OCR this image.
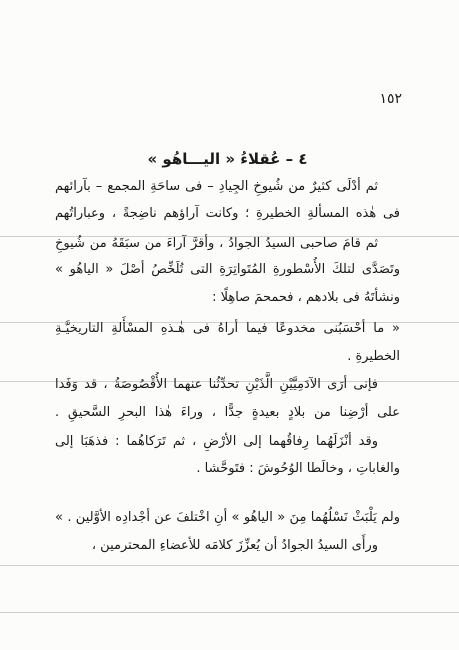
١٥٢
٤ – عُقلاءُ « اليـــاهُو »
ثم أدْلَى كثيرٌ من شُيوخِ الجِيادِ – فى ساحَةِ المجمع – بآرائهم
فى هٰذه المسألةِ الخطيرةِ ؛ وكانت آراؤهم ناضِجةً ، وعباراتُهم
ثم قامَ صاحبى السيدُ الجوادُ ، وأقرَّ آراءَ من سبَقَهُ من شُيوخِ
وتَصَدَّى لتلكَ الأُسْطورةِ المُتَواتِرَةِ التى تُلَخِّصُ أصْلَ « الياهُو »
ونشأتَهُ فى بلادهم ، فحمحمَ صاهِلًا :
« ما أحْسَبُنى مخدوعًا فيما أراهُ فى هٰـذهِ المسْأَلةِ التاريخيَّـةِ
الخطيرةِ .
فإنى أرَى الآدَمِيَّيْنِ الَّذَيْنِ تحدِّثُنا عنهما الأُقْصُوصَةُ ، قد وَفَدا
على أرْضِنا من بلادٍ بعيدةٍ جدًّا ، وراءَ هٰذا البحرِ السَّحيقِ .
وقد أنْزَلَهُما رِفاقُهما إلى الأرْضِ ، ثم تَرَكاهُما : فذهَبَا إلى
والغاباتِ ، وخالَطا الوُحُوشَ : فتَوحَّشا .
ولم يَلْبَثْ نَسْلُهُما مِنَ « الياهُو » أنِ اخْتلفَ عن أجْدادِه الأوَّلين . »
ورأَى السيدُ الجوادُ أن يُعزِّزَ كلامَه للأعضاءِ المحترمين ،
